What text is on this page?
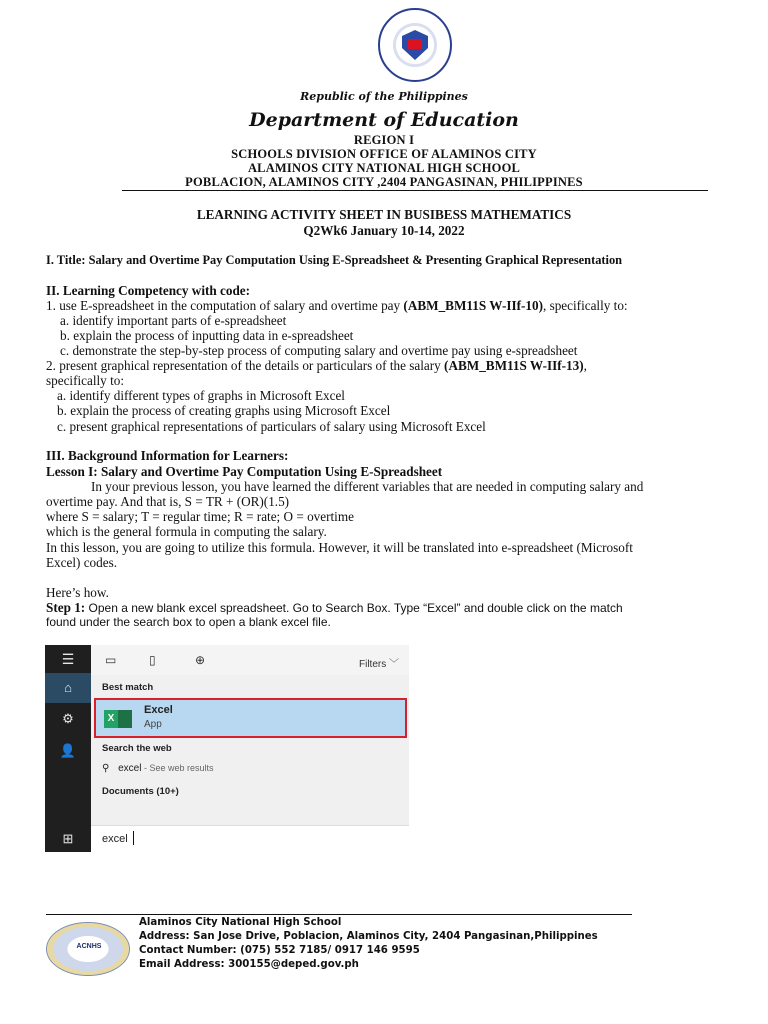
Republic of the Philippines
Department of Education
REGION I
SCHOOLS DIVISION OFFICE OF ALAMINOS CITY
ALAMINOS CITY NATIONAL HIGH SCHOOL
POBLACION, ALAMINOS CITY ,2404 PANGASINAN, PHILIPPINES
LEARNING ACTIVITY SHEET IN BUSIBESS MATHEMATICS
Q2Wk6 January 10-14, 2022
I. Title: Salary and Overtime Pay Computation Using E-Spreadsheet & Presenting Graphical Representation
II. Learning Competency with code:
1. use E-spreadsheet in the computation of salary and overtime pay (ABM_BM11S W-IIf-10), specifically to:
a. identify important parts of e-spreadsheet
b. explain the process of inputting data in e-spreadsheet
c. demonstrate the step-by-step process of computing salary and overtime pay using e-spreadsheet
2. present graphical representation of the details or particulars of the salary (ABM_BM11S W-IIf-13),
specifically to:
a. identify different types of graphs in Microsoft Excel
b. explain the process of creating graphs using Microsoft Excel
c. present graphical representations of particulars of salary using Microsoft Excel
III. Background Information for Learners:
Lesson I: Salary and Overtime Pay Computation Using E-Spreadsheet
In your previous lesson, you have learned the different variables that are needed in computing salary and
overtime pay. And that is, S = TR + (OR)(1.5)
where S = salary; T = regular time; R = rate; O = overtime
which is the general formula in computing the salary.
In this lesson, you are going to utilize this formula. However, it will be translated into e-spreadsheet (Microsoft
Excel) codes.
Here’s how.
Step 1: Open a new blank excel spreadsheet. Go to Search Box. Type “Excel” and double click on the match
found under the search box to open a blank excel file.
☰
⌂
⚙
👤
⊞
▭	▯	⊕	Filters ﹀
Best match
X
Excel
App
Search the web
⚲ excel - See web results
Documents (10+)
excel
ACNHS
Alaminos City National High School
Address: San Jose Drive, Poblacion, Alaminos City, 2404 Pangasinan,Philippines
Contact Number: (075) 552 7185/ 0917 146 9595
Email Address: 300155@deped.gov.ph
